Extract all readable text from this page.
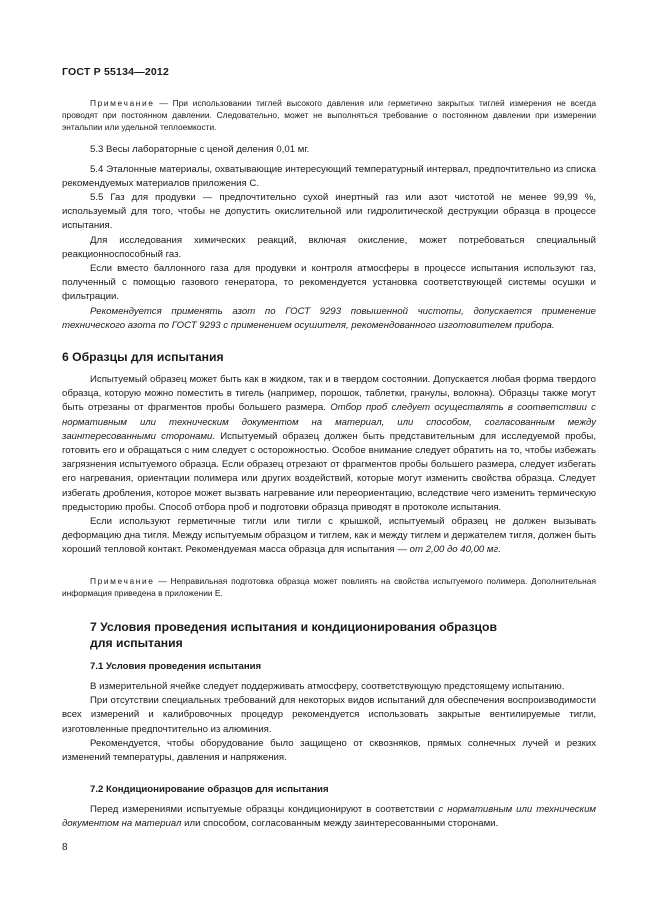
ГОСТ Р 55134—2012

Примечание — При использовании тиглей высокого давления или герметично закрытых тиглей измерения не всегда проводят при постоянном давлении. Следовательно, может не выполняться требование о постоянном давлении при измерении энтальпии или удельной теплоемкости.

5.3 Весы лабораторные с ценой деления 0,01 мг.

5.4 Эталонные материалы, охватывающие интересующий температурный интервал, предпочтительно из списка рекомендуемых материалов приложения С.

5.5 Газ для продувки — предпочтительно сухой инертный газ или азот чистотой не менее 99,99 %, используемый для того, чтобы не допустить окислительной или гидролитической деструкции образца в процессе испытания.

Для исследования химических реакций, включая окисление, может потребоваться специальный реакционноспособный газ.

Если вместо баллонного газа для продувки и контроля атмосферы в процессе испытания используют газ, полученный с помощью газового генератора, то рекомендуется установка соответствующей системы осушки и фильтрации.

Рекомендуется применять азот по ГОСТ 9293 повышенной чистоты, допускается применение технического азота по ГОСТ 9293 с применением осушителя, рекомендованного изготовителем прибора.

6 Образцы для испытания

Испытуемый образец может быть как в жидком, так и в твердом состоянии. Допускается любая форма твердого образца, которую можно поместить в тигель (например, порошок, таблетки, гранулы, волокна). Образцы также могут быть отрезаны от фрагментов пробы большего размера. Отбор проб следует осуществлять в соответствии с нормативным или техническим документом на материал, или способом, согласованным между заинтересованными сторонами. Испытуемый образец должен быть представительным для исследуемой пробы, готовить его и обращаться с ним следует с осторожностью. Особое внимание следует обратить на то, чтобы избежать загрязнения испытуемого образца. Если образец отрезают от фрагментов пробы большего размера, следует избегать его нагревания, ориентации полимера или других воздействий, которые могут изменить свойства образца. Следует избегать дробления, которое может вызвать нагревание или переориентацию, вследствие чего изменить термическую предысторию пробы. Способ отбора проб и подготовки образца приводят в протоколе испытания.

Если используют герметичные тигли или тигли с крышкой, испытуемый образец не должен вызывать деформацию дна тигля. Между испытуемым образцом и тиглем, как и между тиглем и держателем тигля, должен быть хороший тепловой контакт. Рекомендуемая масса образца для испытания — от 2,00 до 40,00 мг.

Примечание — Неправильная подготовка образца может повлиять на свойства испытуемого полимера. Дополнительная информация приведена в приложении Е.

7 Условия проведения испытания и кондиционирования образцов

для испытания

7.1 Условия проведения испытания

В измерительной ячейке следует поддерживать атмосферу, соответствующую предстоящему испытанию.

При отсутствии специальных требований для некоторых видов испытаний для обеспечения воспроизводимости всех измерений и калибровочных процедур рекомендуется использовать закрытые вентилируемые тигли, изготовленные предпочтительно из алюминия.

Рекомендуется, чтобы оборудование было защищено от сквозняков, прямых солнечных лучей и резких изменений температуры, давления и напряжения.

7.2 Кондиционирование образцов для испытания

Перед измерениями испытуемые образцы кондиционируют в соответствии с нормативным или техническим документом на материал или способом, согласованным между заинтересованными сторонами.

8
